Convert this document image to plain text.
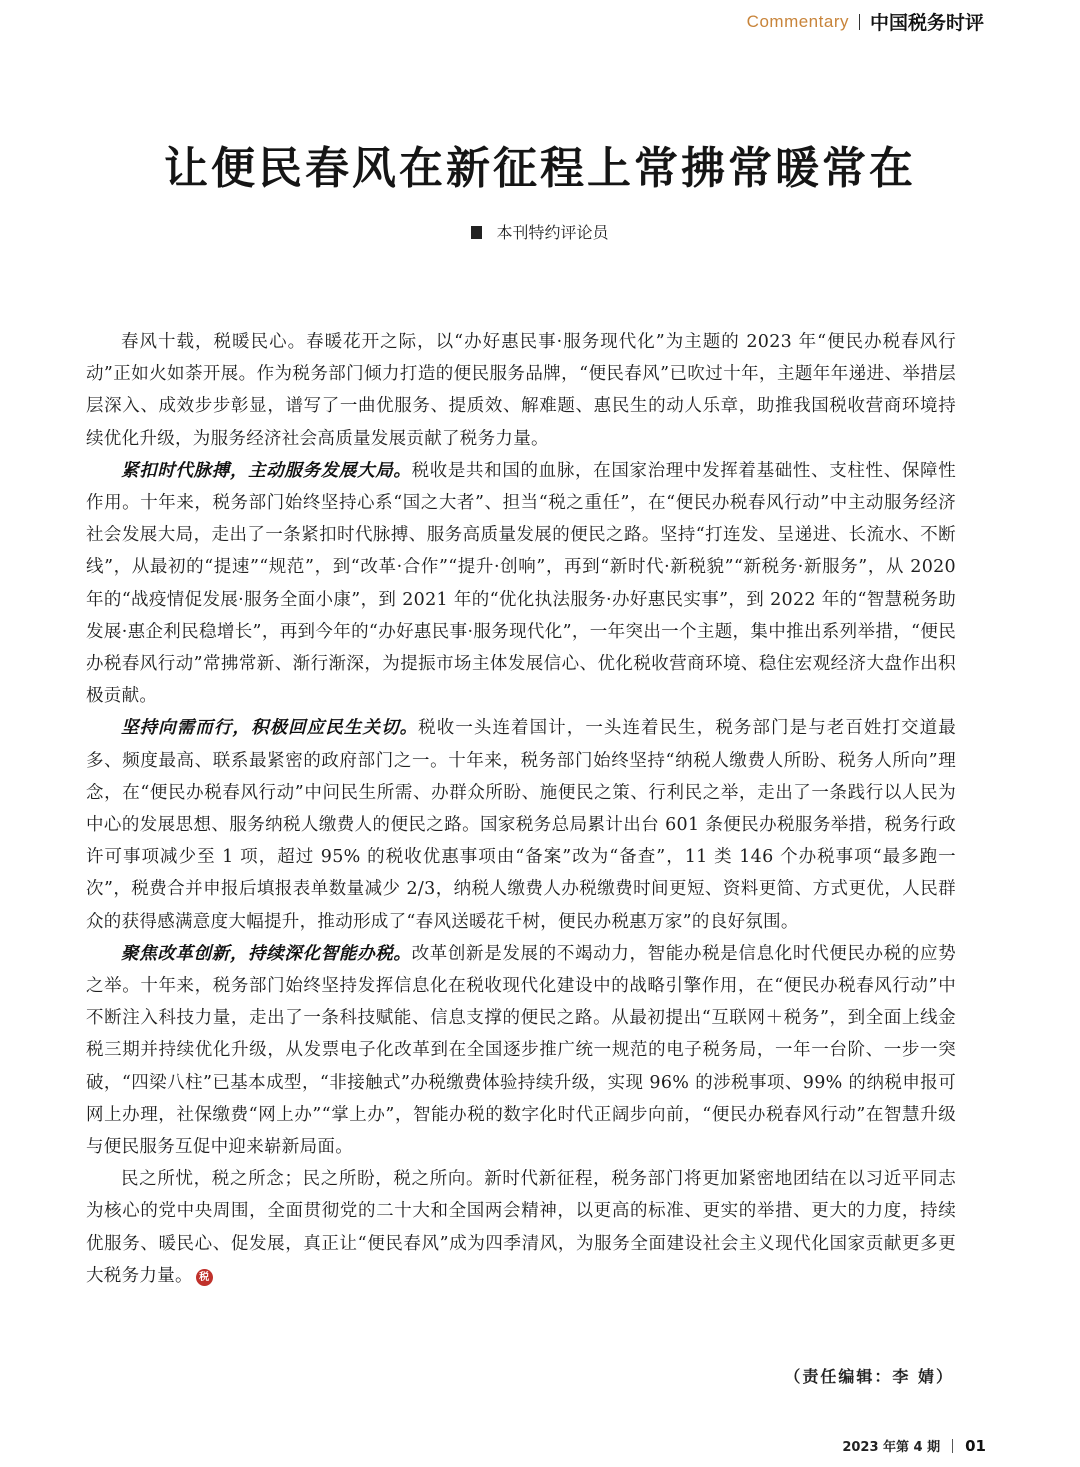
Commentary 中国税务时评
让便民春风在新征程上常拂常暖常在
本刊特约评论员

春风十载，税暖民心。春暖花开之际，以“办好惠民事·服务现代化”为主题的 2023 年“便民办税春风行动”正如火如荼开展。作为税务部门倾力打造的便民服务品牌，“便民春风”已吹过十年，主题年年递进、举措层层深入、成效步步彰显，谱写了一曲优服务、提质效、解难题、惠民生的动人乐章，助推我国税收营商环境持续优化升级，为服务经济社会高质量发展贡献了税务力量。

紧扣时代脉搏，主动服务发展大局。税收是共和国的血脉，在国家治理中发挥着基础性、支柱性、保障性作用。十年来，税务部门始终坚持心系“国之大者”、担当“税之重任”，在“便民办税春风行动”中主动服务经济社会发展大局，走出了一条紧扣时代脉搏、服务高质量发展的便民之路。坚持“打连发、呈递进、长流水、不断线”，从最初的“提速”“规范”，到“改革·合作”“提升·创响”，再到“新时代·新税貌”“新税务·新服务”，从 2020 年的“战疫情促发展·服务全面小康”，到 2021 年的“优化执法服务·办好惠民实事”，到 2022 年的“智慧税务助发展·惠企利民稳增长”，再到今年的“办好惠民事·服务现代化”，一年突出一个主题，集中推出系列举措，“便民办税春风行动”常拂常新、渐行渐深，为提振市场主体发展信心、优化税收营商环境、稳住宏观经济大盘作出积极贡献。

坚持向需而行，积极回应民生关切。税收一头连着国计，一头连着民生，税务部门是与老百姓打交道最多、频度最高、联系最紧密的政府部门之一。十年来，税务部门始终坚持“纳税人缴费人所盼、税务人所向”理念，在“便民办税春风行动”中问民生所需、办群众所盼、施便民之策、行利民之举，走出了一条践行以人民为中心的发展思想、服务纳税人缴费人的便民之路。国家税务总局累计出台 601 条便民办税服务举措，税务行政许可事项减少至 1 项，超过 95% 的税收优惠事项由“备案”改为“备查”，11 类 146 个办税事项“最多跑一次”，税费合并申报后填报表单数量减少 2/3，纳税人缴费人办税缴费时间更短、资料更简、方式更优，人民群众的获得感满意度大幅提升，推动形成了“春风送暖花千树，便民办税惠万家”的良好氛围。

聚焦改革创新，持续深化智能办税。改革创新是发展的不竭动力，智能办税是信息化时代便民办税的应势之举。十年来，税务部门始终坚持发挥信息化在税收现代化建设中的战略引擎作用，在“便民办税春风行动”中不断注入科技力量，走出了一条科技赋能、信息支撑的便民之路。从最初提出“互联网＋税务”，到全面上线金税三期并持续优化升级，从发票电子化改革到在全国逐步推广统一规范的电子税务局，一年一台阶、一步一突破，“四梁八柱”已基本成型，“非接触式”办税缴费体验持续升级，实现 96% 的涉税事项、99% 的纳税申报可网上办理，社保缴费“网上办”“掌上办”，智能办税的数字化时代正阔步向前，“便民办税春风行动”在智慧升级与便民服务互促中迎来崭新局面。

民之所忧，税之所念；民之所盼，税之所向。新时代新征程，税务部门将更加紧密地团结在以习近平同志为核心的党中央周围，全面贯彻党的二十大和全国两会精神，以更高的标准、更实的举措、更大的力度，持续优服务、暖民心、促发展，真正让“便民春风”成为四季清风，为服务全面建设社会主义现代化国家贡献更多更大税务力量。 税

（责任编辑：李 婧）
2023 年第 4 期 01
